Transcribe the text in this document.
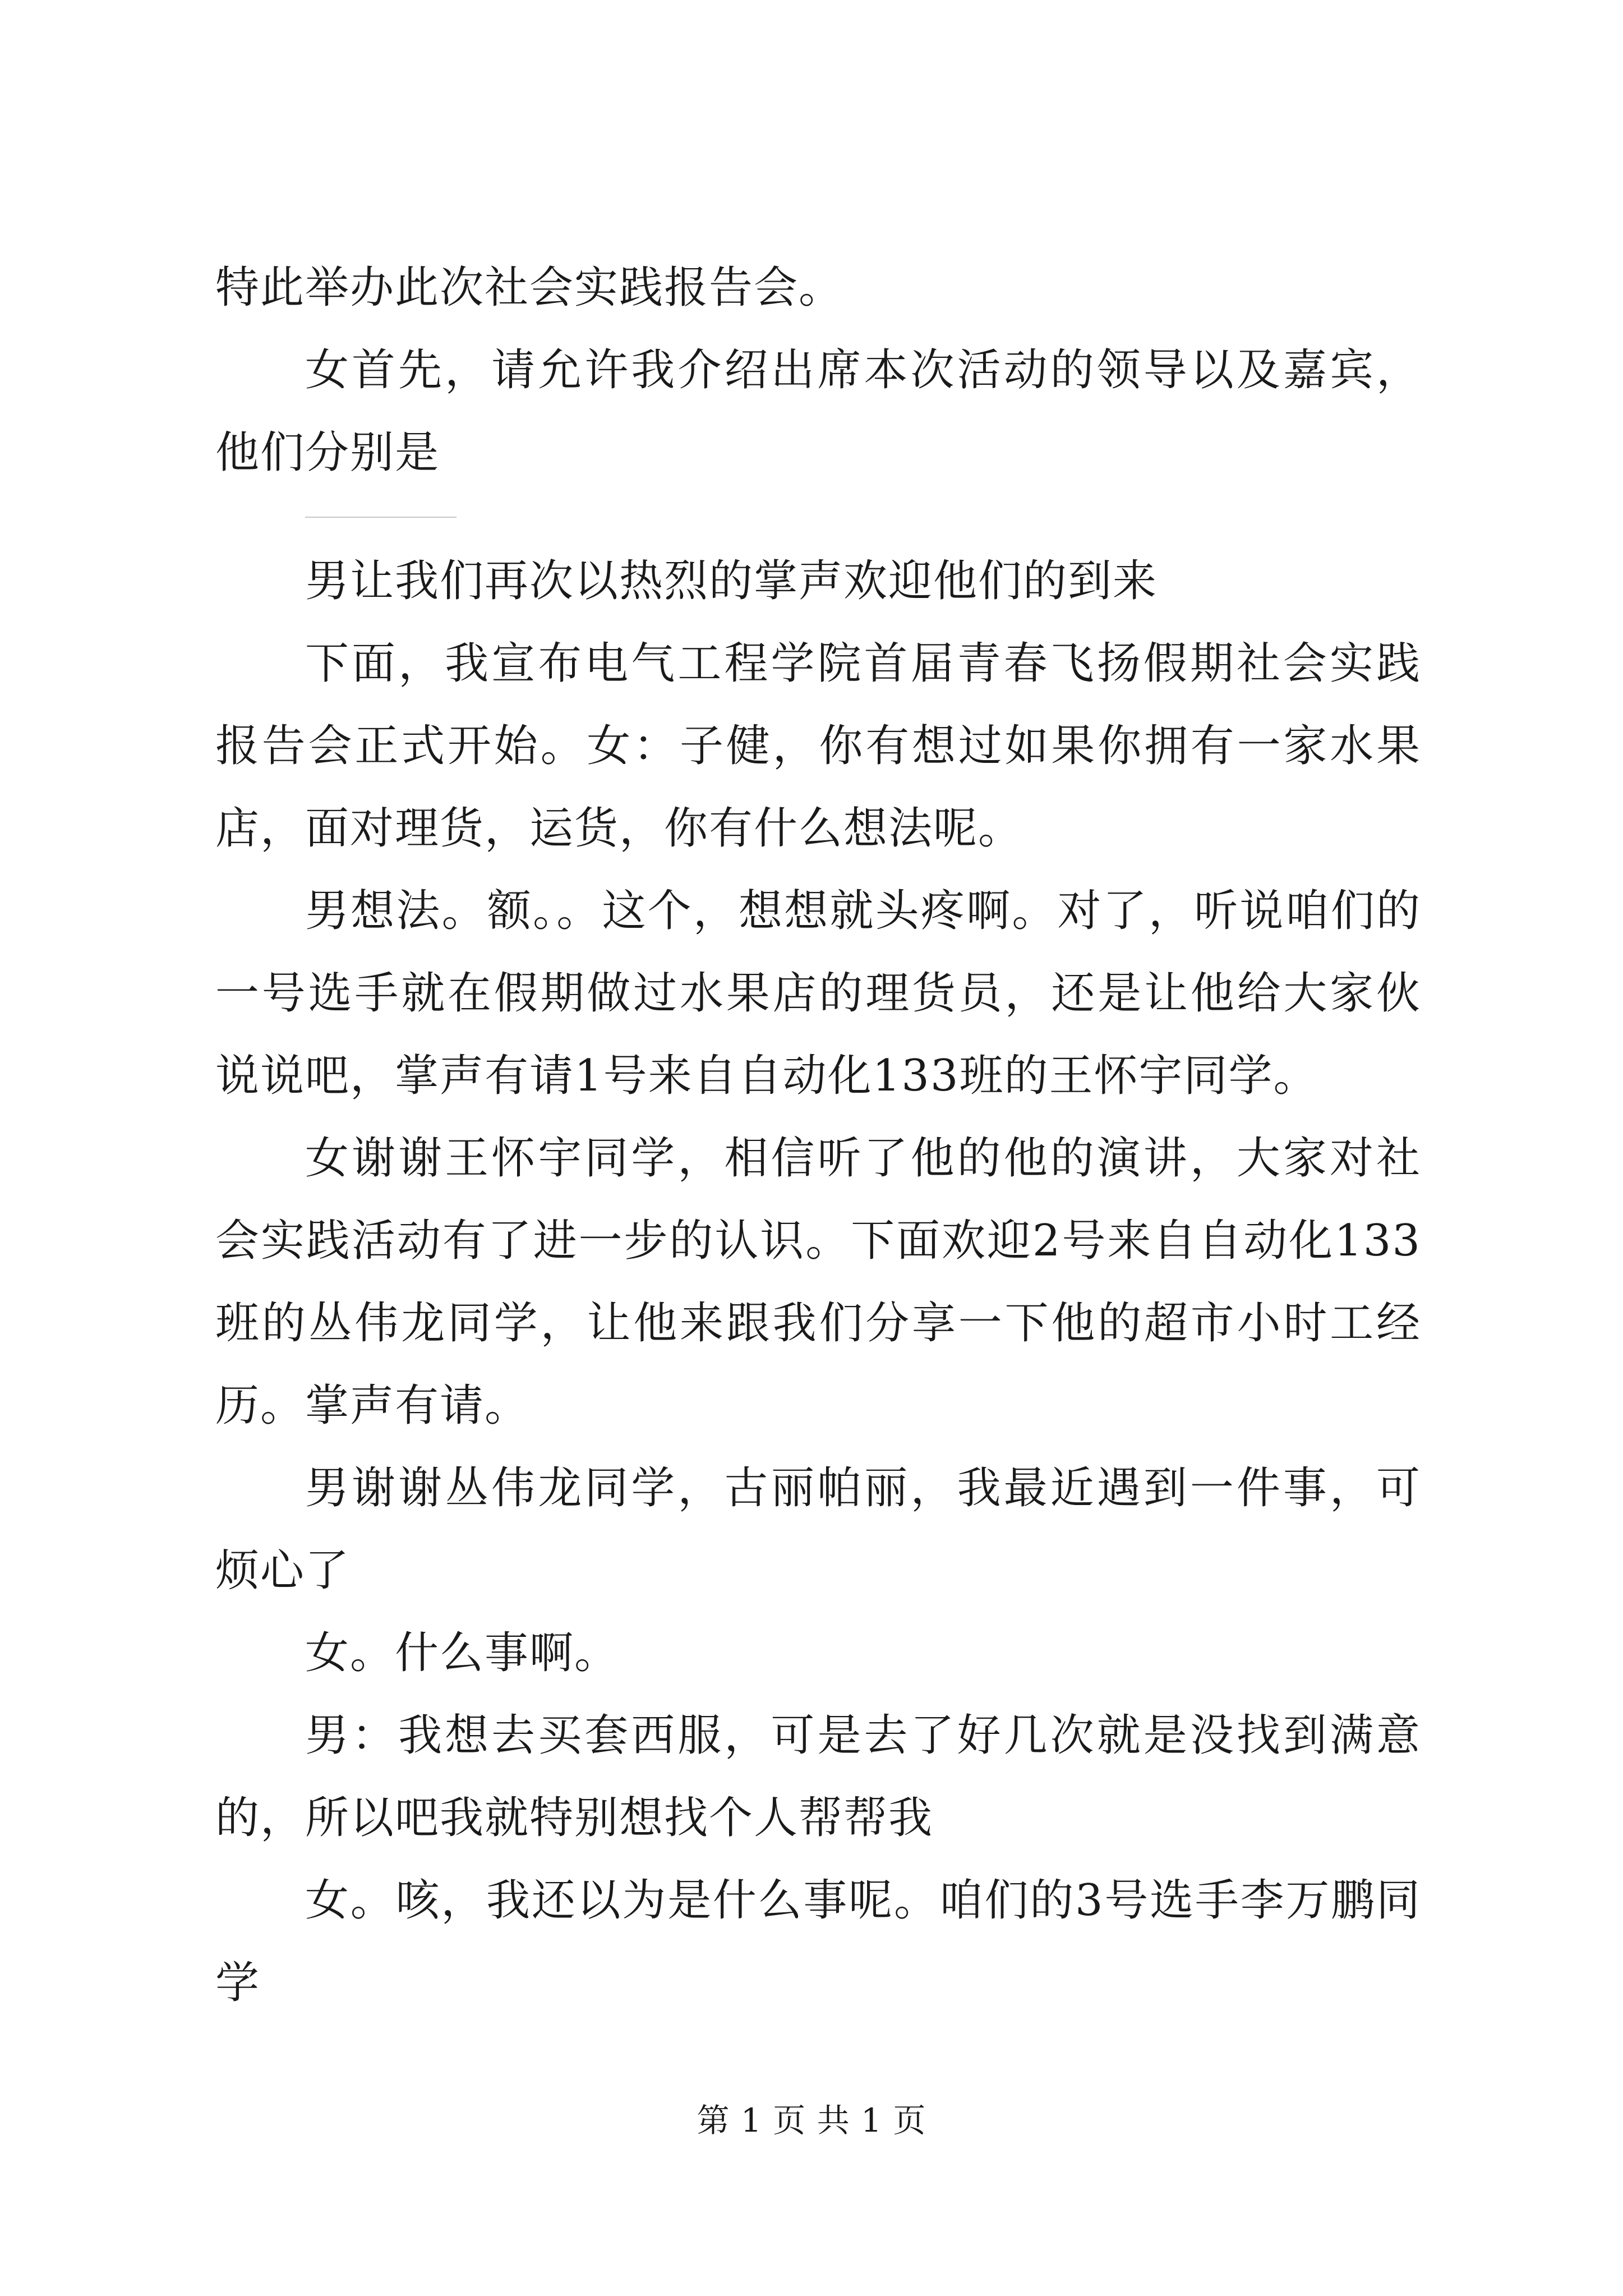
特此举办此次社会实践报告会。

女首先，请允许我介绍出席本次活动的领导以及嘉宾，他们分别是

男让我们再次以热烈的掌声欢迎他们的到来

下面，我宣布电气工程学院首届青春飞扬假期社会实践报告会正式开始。女：子健，你有想过如果你拥有一家水果店，面对理货，运货，你有什么想法呢。

男想法。额。。这个，想想就头疼啊。对了，听说咱们的一号选手就在假期做过水果店的理货员，还是让他给大家伙说说吧，掌声有请1号来自自动化133班的王怀宇同学。

女谢谢王怀宇同学，相信听了他的他的演讲，大家对社会实践活动有了进一步的认识。下面欢迎2号来自自动化133班的丛伟龙同学，让他来跟我们分享一下他的超市小时工经历。掌声有请。

男谢谢丛伟龙同学，古丽帕丽，我最近遇到一件事，可烦心了

女。什么事啊。

男：我想去买套西服，可是去了好几次就是没找到满意的，所以吧我就特别想找个人帮帮我

女。咳，我还以为是什么事呢。咱们的3号选手李万鹏同学

第 1 页 共 1 页
